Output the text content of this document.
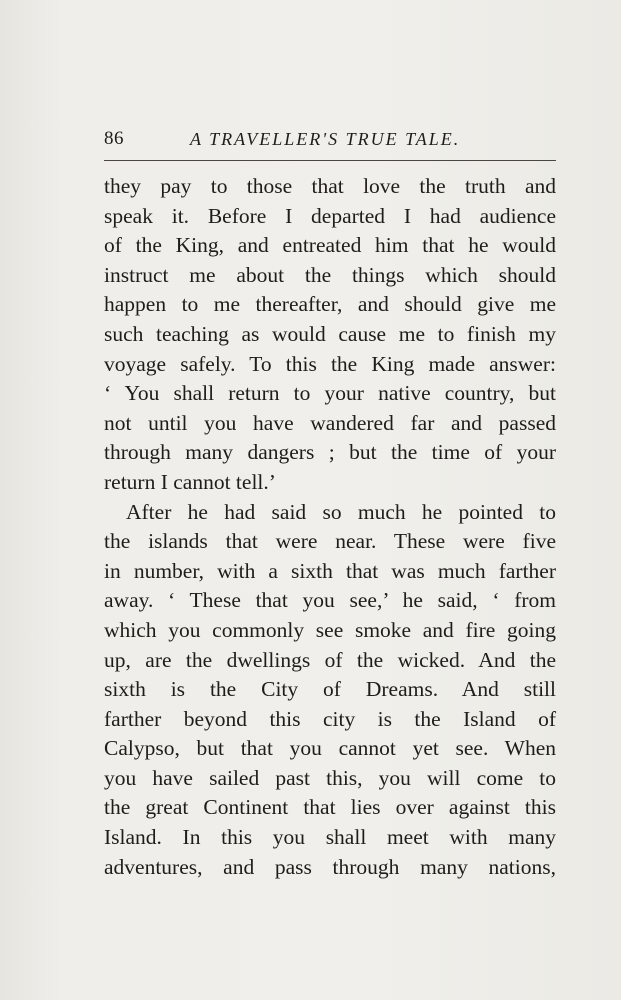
86	A TRAVELLER'S TRUE TALE.
they pay to those that love the truth and
speak it. Before I departed I had audience
of the King, and entreated him that he would
instruct me about the things which should
happen to me thereafter, and should give me
such teaching as would cause me to finish my
voyage safely. To this the King made answer:
‘ You shall return to your native country, but
not until you have wandered far and passed
through many dangers ; but the time of your
return I cannot tell.’
After he had said so much he pointed to
the islands that were near. These were five
in number, with a sixth that was much farther
away. ‘ These that you see,’ he said, ‘ from
which you commonly see smoke and fire going
up, are the dwellings of the wicked. And the
sixth is the City of Dreams. And still
farther beyond this city is the Island of
Calypso, but that you cannot yet see. When
you have sailed past this, you will come to
the great Continent that lies over against this
Island. In this you shall meet with many
adventures, and pass through many nations,
